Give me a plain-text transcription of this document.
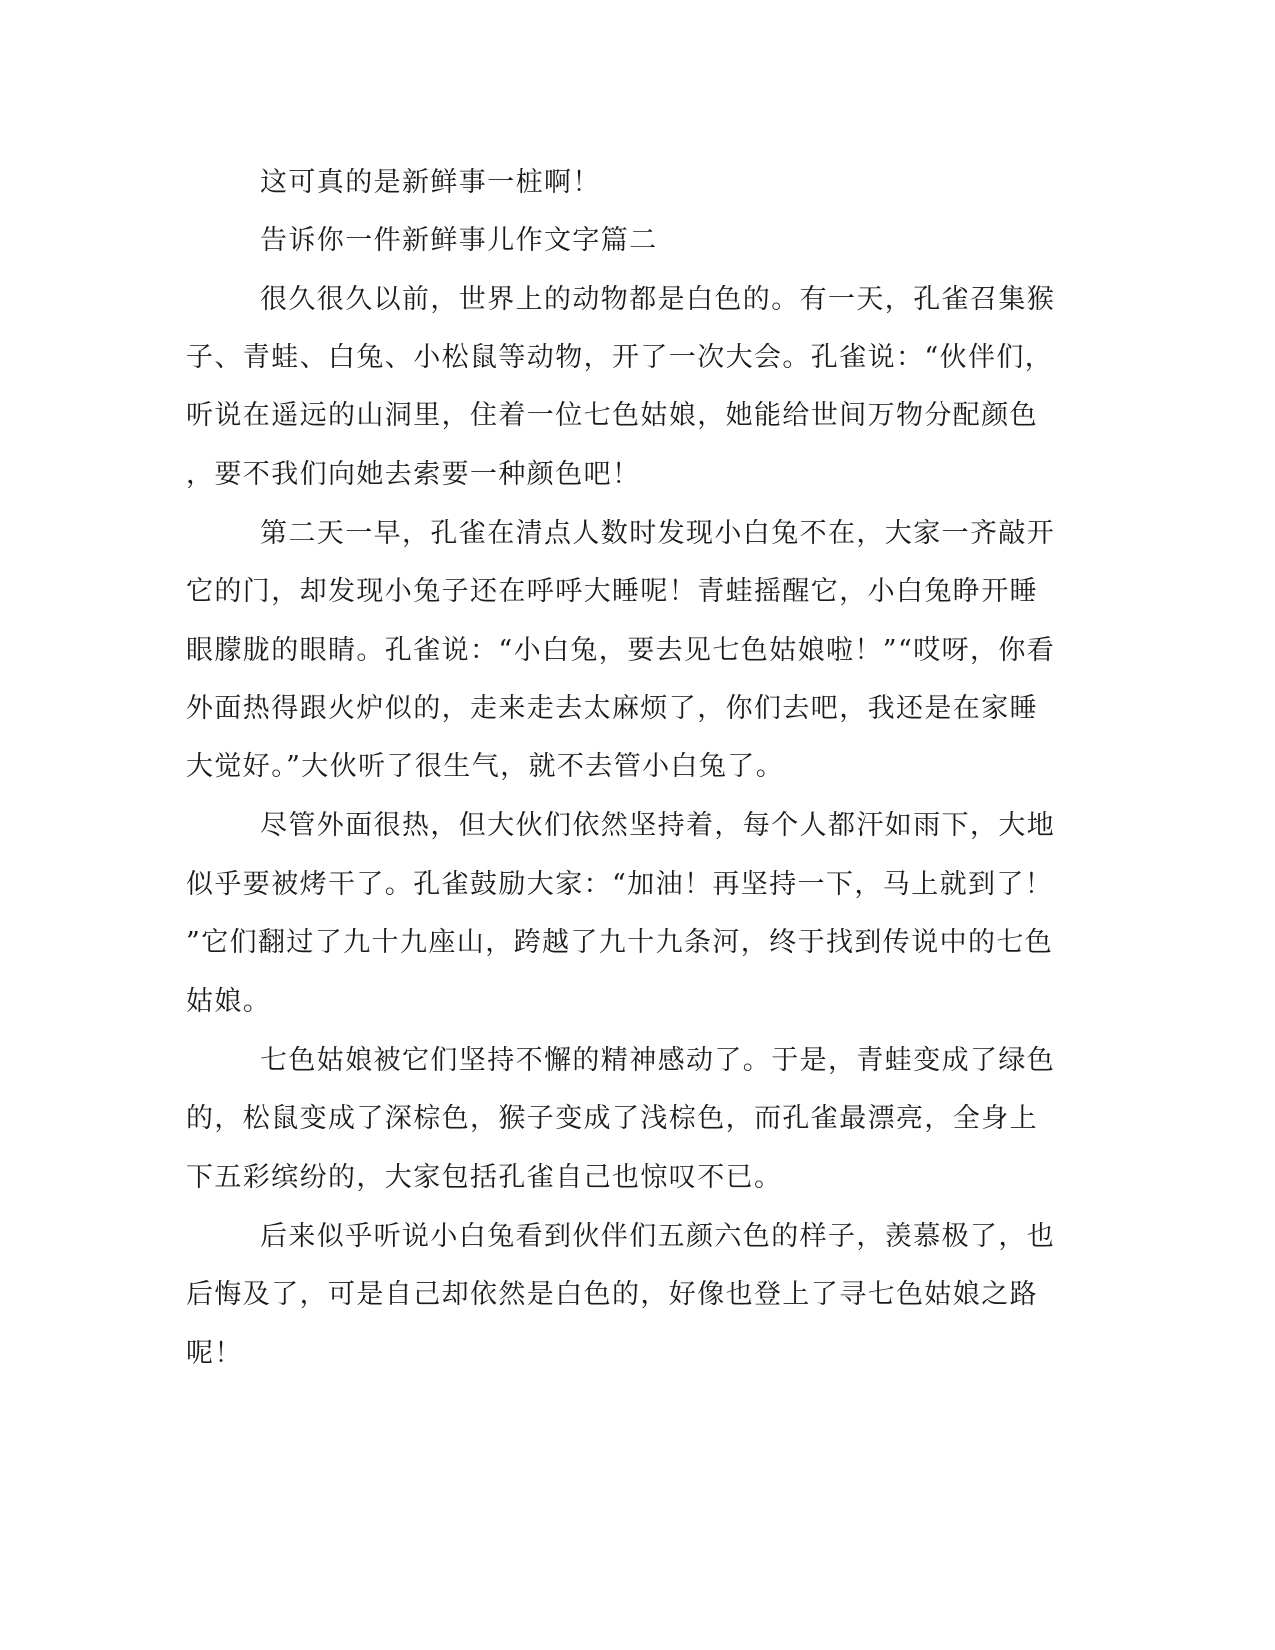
这可真的是新鲜事一桩啊！
告诉你一件新鲜事儿作文字篇二
很久很久以前，世界上的动物都是白色的。有一天，孔雀召集猴
子、青蛙、白兔、小松鼠等动物，开了一次大会。孔雀说：“伙伴们，
听说在遥远的山洞里，住着一位七色姑娘，她能给世间万物分配颜色
，要不我们向她去索要一种颜色吧！
第二天一早，孔雀在清点人数时发现小白兔不在，大家一齐敲开
它的门，却发现小兔子还在呼呼大睡呢！青蛙摇醒它，小白兔睁开睡
眼朦胧的眼睛。孔雀说：“小白兔，要去见七色姑娘啦！”“哎呀，你看
外面热得跟火炉似的，走来走去太麻烦了，你们去吧，我还是在家睡
大觉好。”大伙听了很生气，就不去管小白兔了。
尽管外面很热，但大伙们依然坚持着，每个人都汗如雨下，大地
似乎要被烤干了。孔雀鼓励大家：“加油！再坚持一下，马上就到了！
”它们翻过了九十九座山，跨越了九十九条河，终于找到传说中的七色
姑娘。
七色姑娘被它们坚持不懈的精神感动了。于是，青蛙变成了绿色
的，松鼠变成了深棕色，猴子变成了浅棕色，而孔雀最漂亮，全身上
下五彩缤纷的，大家包括孔雀自己也惊叹不已。
后来似乎听说小白兔看到伙伴们五颜六色的样子，羡慕极了，也
后悔及了，可是自己却依然是白色的，好像也登上了寻七色姑娘之路
呢！
